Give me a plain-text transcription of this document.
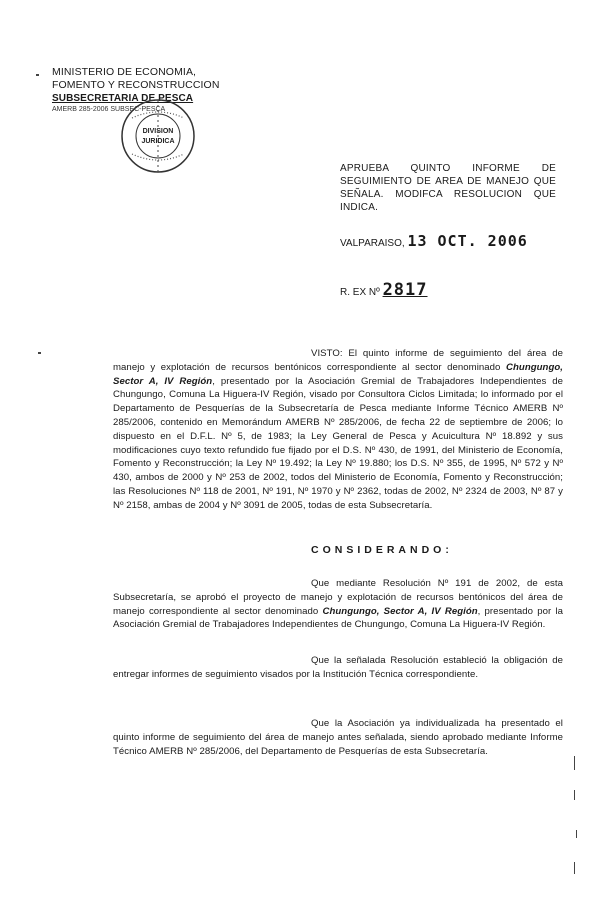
MINISTERIO DE ECONOMIA,
FOMENTO Y RECONSTRUCCION
SUBSECRETARIA DE PESCA
AMERB 285-2006 SUBSEC-PESCA
DIVISION
JURIDICA
APRUEBA QUINTO INFORME DE SEGUIMIENTO DE AREA DE MANEJO QUE SEÑALA. MODIFCA RESOLUCION QUE INDICA.
VALPARAISO, 13 OCT. 2006
R. EX Nº 2817
VISTO: El quinto informe de seguimiento del área de manejo y explotación de recursos bentónicos correspondiente al sector denominado Chungungo, Sector A, IV Región, presentado por la Asociación Gremial de Trabajadores Independientes de Chungungo, Comuna La Higuera-IV Región, visado por Consultora Ciclos Limitada; lo informado por el Departamento de Pesquerías de la Subsecretaría de Pesca mediante Informe Técnico AMERB Nº 285/2006, contenido en Memorándum AMERB Nº 285/2006, de fecha 22 de septiembre de 2006; lo dispuesto en el D.F.L. Nº 5, de 1983; la Ley General de Pesca y Acuicultura Nº 18.892 y sus modificaciones cuyo texto refundido fue fijado por el D.S. Nº 430, de 1991, del Ministerio de Economía, Fomento y Reconstrucción; la Ley Nº 19.492; la Ley Nº 19.880; los D.S. Nº 355, de 1995, Nº 572 y Nº 430, ambos de 2000 y Nº 253 de 2002, todos del Ministerio de Economía, Fomento y Reconstrucción; las Resoluciones Nº 118 de 2001, Nº 191, Nº 1970 y Nº 2362, todas de 2002, Nº 2324 de 2003, Nº 87 y Nº 2158, ambas de 2004 y Nº 3091 de 2005, todas de esta Subsecretaría.
CONSIDERANDO:
Que mediante Resolución Nº 191 de 2002, de esta Subsecretaría, se aprobó el proyecto de manejo y explotación de recursos bentónicos del área de manejo correspondiente al sector denominado Chungungo, Sector A, IV Región, presentado por la Asociación Gremial de Trabajadores Independientes de Chungungo, Comuna La Higuera-IV Región.
Que la señalada Resolución estableció la obligación de entregar informes de seguimiento visados por la Institución Técnica correspondiente.
Que la Asociación ya individualizada ha presentado el quinto informe de seguimiento del área de manejo antes señalada, siendo aprobado mediante Informe Técnico AMERB Nº 285/2006, del Departamento de Pesquerías de esta Subsecretaría.
